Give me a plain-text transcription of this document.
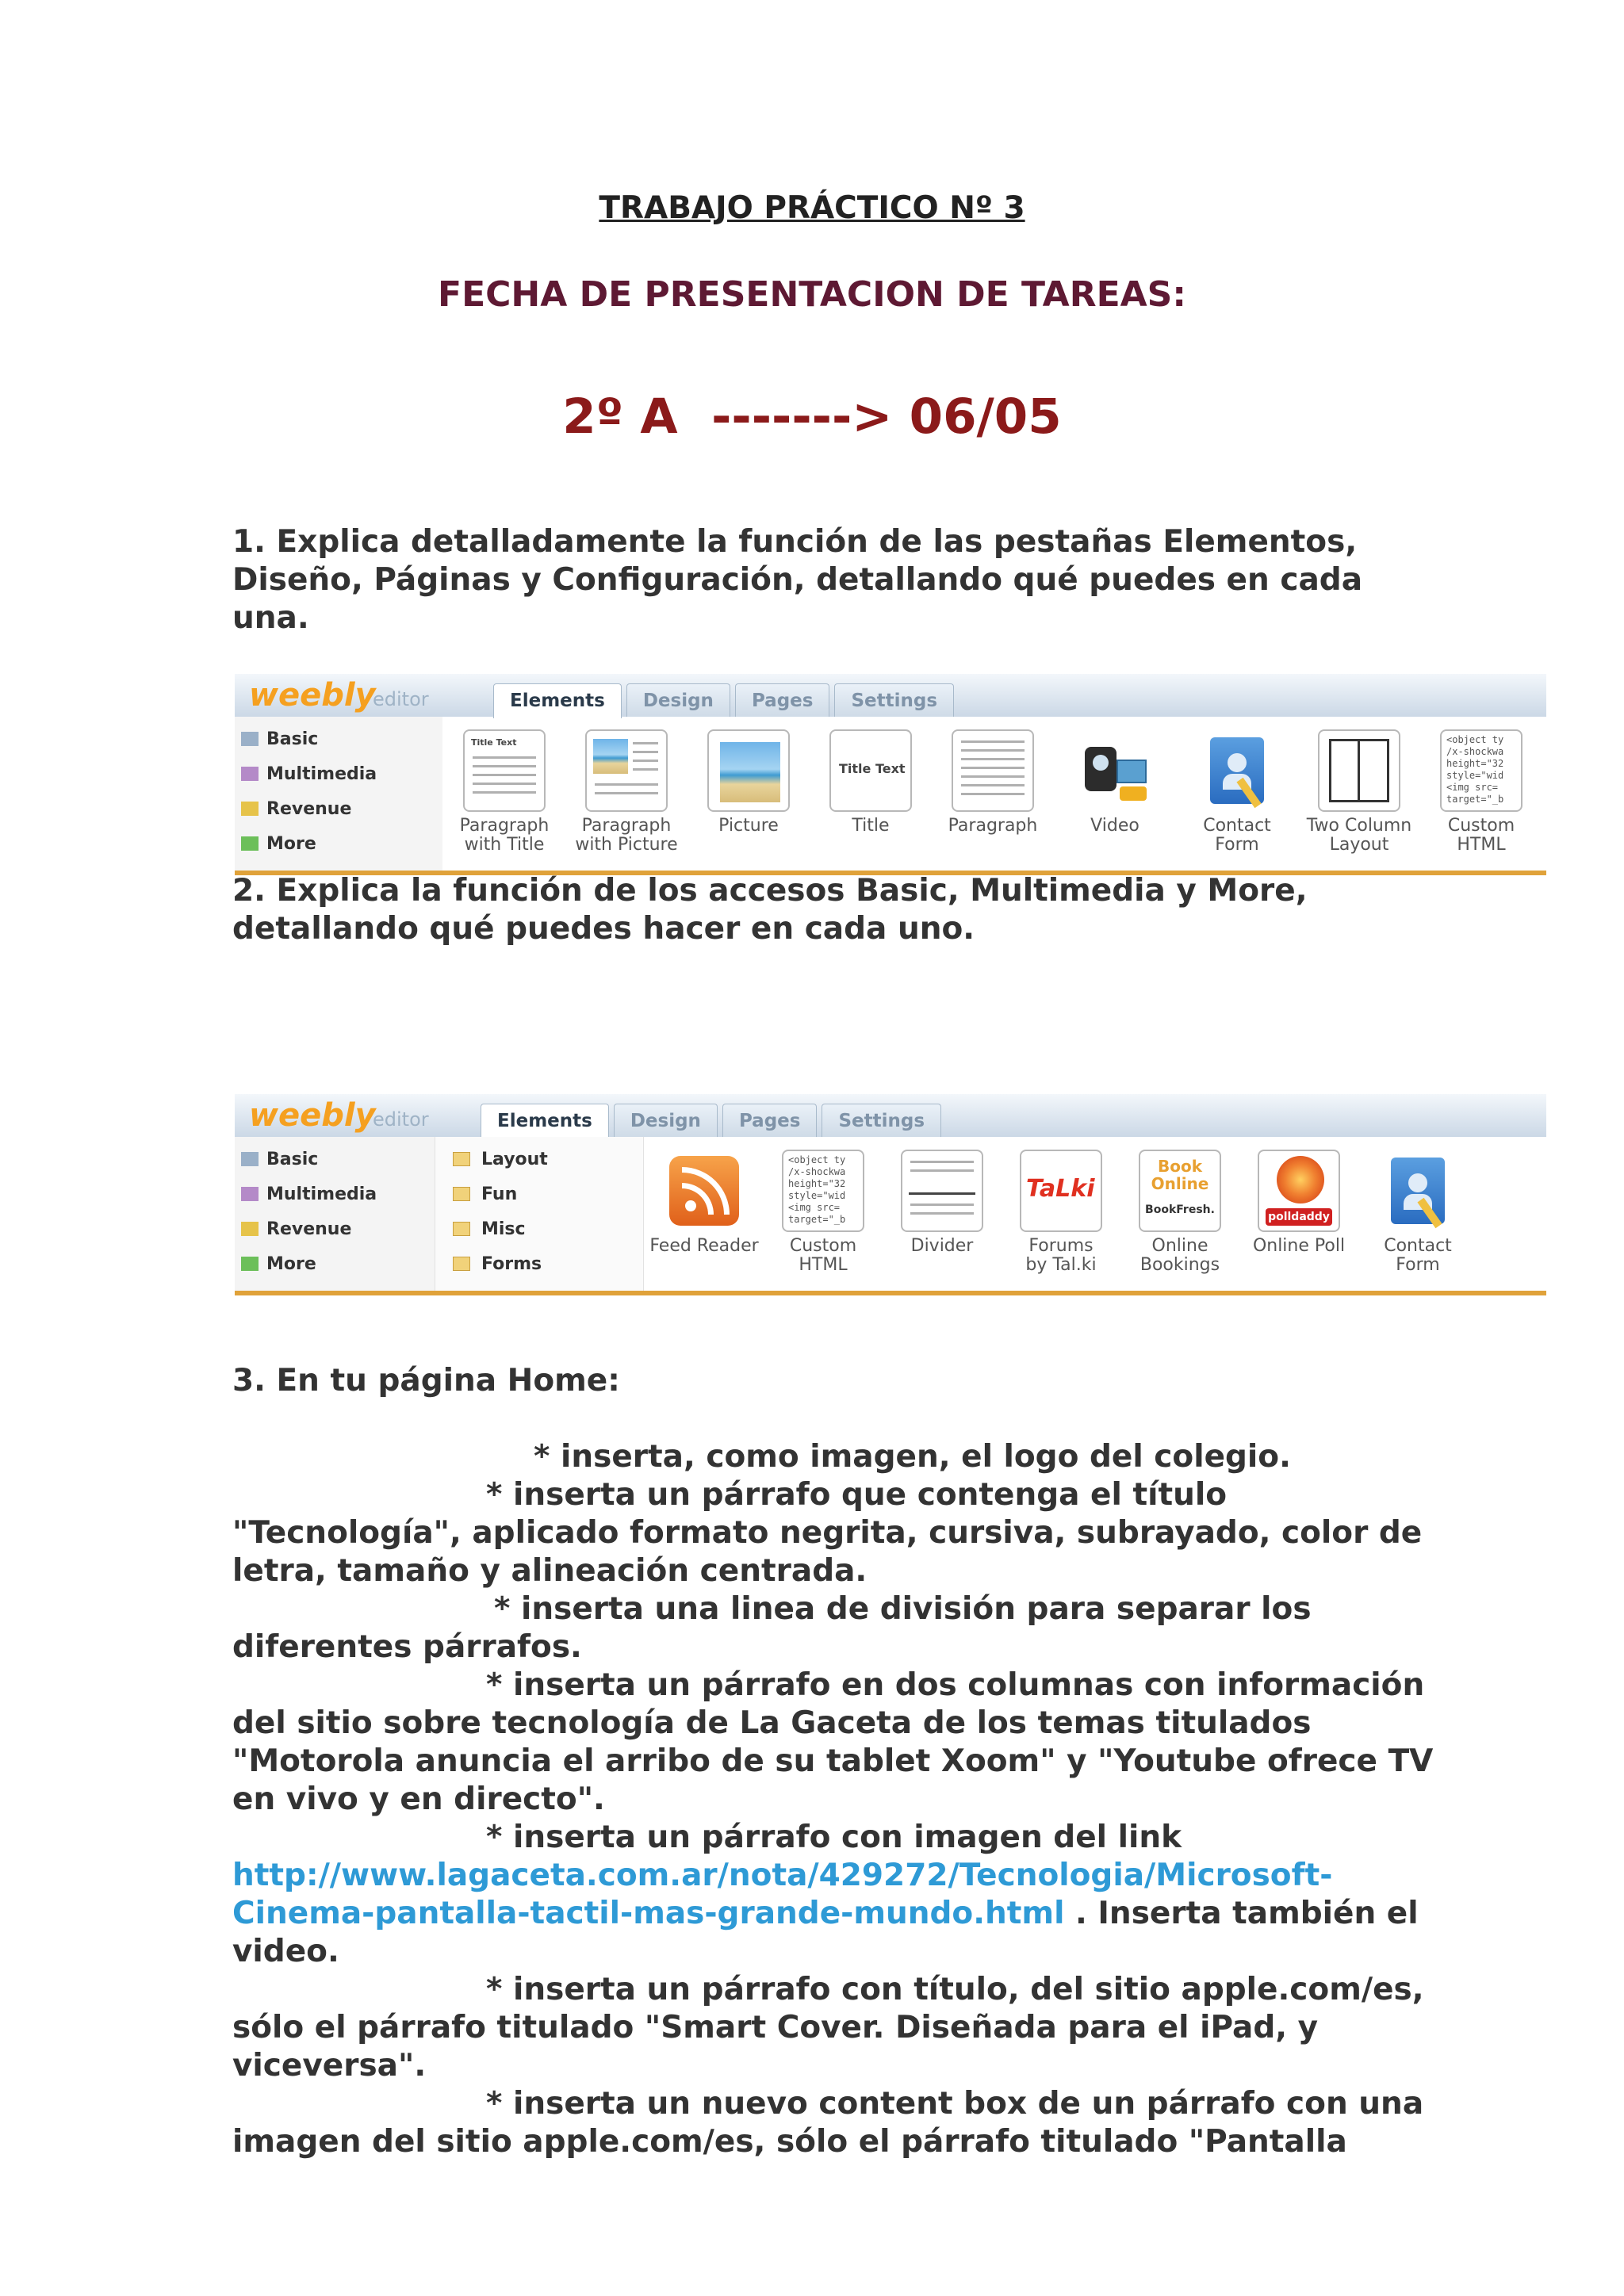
TRABAJO PRÁCTICO Nº 3
FECHA DE PRESENTACION DE TAREAS:
2º A  -------> 06/05
1. Explica detalladamente la función de las pestañas Elementos, Diseño, Páginas y Configuración, detallando qué puedes en cada una.
weebly
editor	Elements	Design	Pages	Settings
Basic
Multimedia
Revenue
More
Title Text
Paragraph
with Title
Paragraph
with Picture
Picture
Title Text
Title	Paragraph	Video	Contact
Form
Two Column
Layout
<object ty
/x-shockwa
height="32
style="wid
<img src=
target="_b
Custom
HTML
2. Explica la función de los accesos Basic, Multimedia y More, detallando qué puedes hacer en cada uno.
weebly
editor	Elements	Design	Pages	Settings
Basic
Multimedia
Revenue
More
Layout
Fun
Misc
Forms
Feed Reader
<object ty
/x-shockwa
height="32
style="wid
<img src=
target="_b
Custom
HTML
Divider
TaLki
Forums
by Tal.ki
Book Online
BookFresh.
Online
Bookings
polldaddy
Online Poll	Contact
Form
3. En tu página Home:
* inserta, como imagen, el logo del colegio.
* inserta un párrafo que contenga el título "Tecnología", aplicado formato negrita, cursiva, subrayado, color de letra, tamaño y alineación centrada.
* inserta una linea de división para separar los diferentes párrafos.
* inserta un párrafo en dos columnas con información del sitio sobre tecnología de La Gaceta de los temas titulados "Motorola anuncia el arribo de su tablet Xoom" y "Youtube ofrece TV en vivo y en directo".
* inserta un párrafo con imagen del link http://www.lagaceta.com.ar/nota/429272/Tecnologia/Microsoft-Cinema-pantalla-tactil-mas-grande-mundo.html . Inserta también el video.
* inserta un párrafo con título, del sitio apple.com/es, sólo el párrafo titulado "Smart Cover. Diseñada para el iPad, y viceversa".
* inserta un nuevo content box de un párrafo con una imagen del sitio apple.com/es, sólo el párrafo titulado "Pantalla
